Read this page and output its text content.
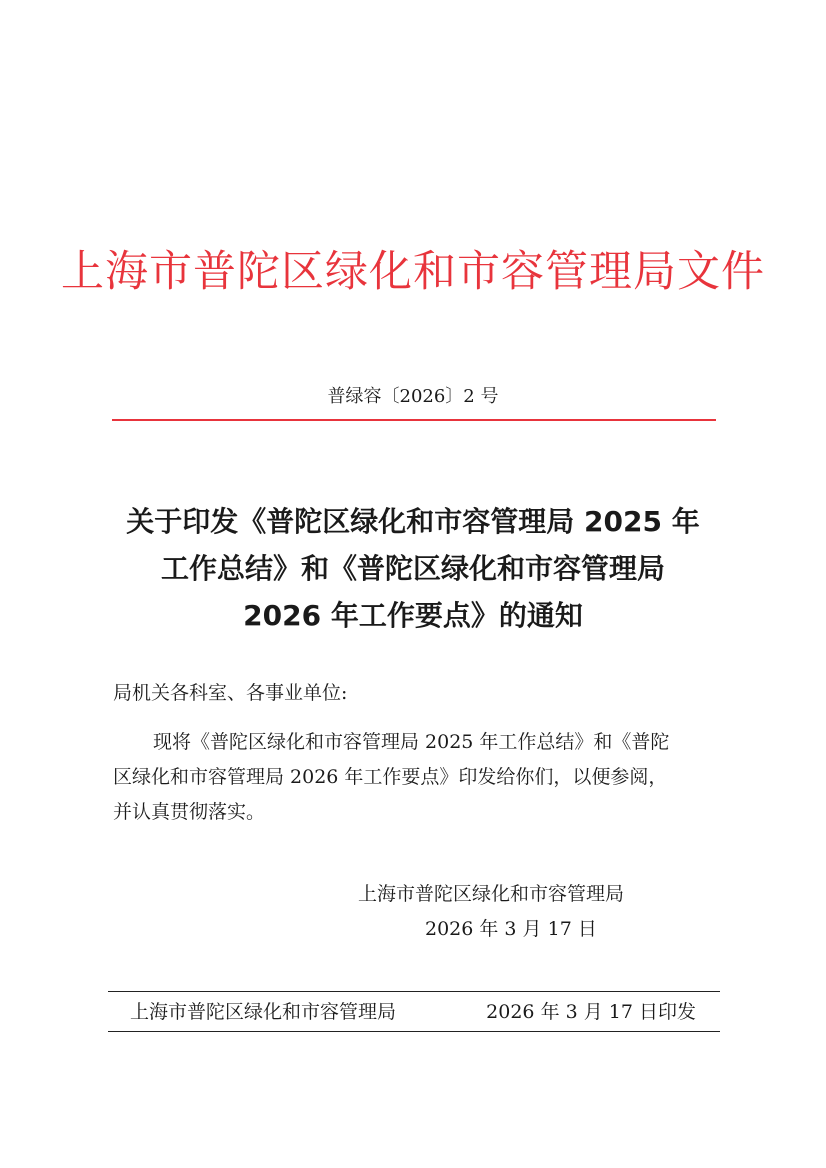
上海市普陀区绿化和市容管理局文件
普绿容〔2026〕2 号
关于印发《普陀区绿化和市容管理局 2025 年
工作总结》和《普陀区绿化和市容管理局
2026 年工作要点》的通知
局机关各科室、各事业单位:
现将《普陀区绿化和市容管理局 2025 年工作总结》和《普陀
区绿化和市容管理局 2026 年工作要点》印发给你们，以便参阅，
并认真贯彻落实。
上海市普陀区绿化和市容管理局
2026 年 3 月 17 日
上海市普陀区绿化和市容管理局	2026 年 3 月 17 日印发
